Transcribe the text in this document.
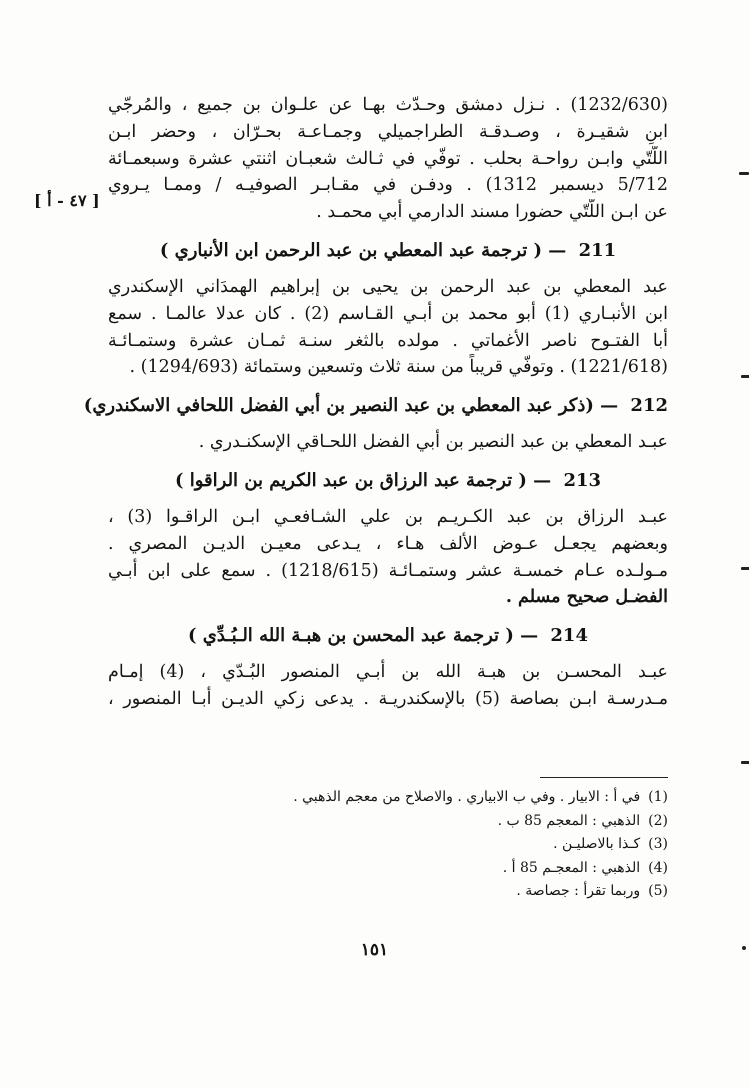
[ ٤٧ - أ ]
(1232/630) . نـزل دمشق وحـدّث بهـا عن علـوان بن جميع ، والمُرجّي
ابنِ شقيـرة ، وصـدقـة الطراجميلي وجمـاعـة بحـرّان ، وحضر ابـن
اللّتّي وابـن رواحـة بحلب . توفّي في ثـالث شعبـان اثنتي عشرة وسبعمـائة
5/712 ديسمبر 1312) . ودفـن في مقـابـر الصوفيـه / وممـا يـروي
عن ابـن اللّتّي حضورا مسند الدارمي أبي محمـد .
211 — ( ترجمة عبد المعطي بن عبد الرحمن ابن الأنباري )
عبد المعطي بن عبد الرحمن بن يحيى بن إبراهيم الهمدَاني الإسكندري
ابن الأنبـاري (1) أبو محمد بن أبـي القـاسم (2) . كان عدلا عالمـا . سمع
أبا الفتـوح ناصر الأغماتي . مولده بالثغر سنـة ثمـان عشرة وستمـائـة
(1221/618) . وتوفّي قريباً من سنة ثلاث وتسعين وستمائة (1294/693) .
212 — (ذكر عبد المعطي بن عبد النصير بن أبي الفضل اللحافي الاسكندري)
عبـد المعطي بن عبد النصير بن أبي الفضل اللحـاقي الإسكنـدري .
213 — ( ترجمة عبد الرزاق بن عبد الكريم بن الراقوا )
عبـد الرزاق بن عبد الكـريـم بن علي الشـافعـي ابـن الراقـوا (3) ،
وبعضهم يجعـل عـوض الألف هـاء ، يـدعى معيـن الديـن المصري .
مـولـده عـام خمسـة عشر وستمـائـة (1218/615) . سمع على ابن أبـي
الفضـل صحيح مسلم .
214 — ( ترجمة عبد المحسن بن هبـة الله الـبُـدِّي )
عبـد المحسـن بن هبـة الله بن أبـي المنصور البُـدّي ، (4) إمـام
مـدرسـة ابـن بصاصة (5) بالإسكندريـة . يدعى زكي الديـن أبـا المنصور ،
(1)في أ : الابيار . وفي ب الابياري . والاصلاح من معجم الذهبي .
(2)الذهبي : المعجم 85 ب .
(3)كـذا بالاصليـن .
(4)الذهبي : المعجـم 85 أ .
(5)وربما تقرأ : جصاصة .
١٥١
